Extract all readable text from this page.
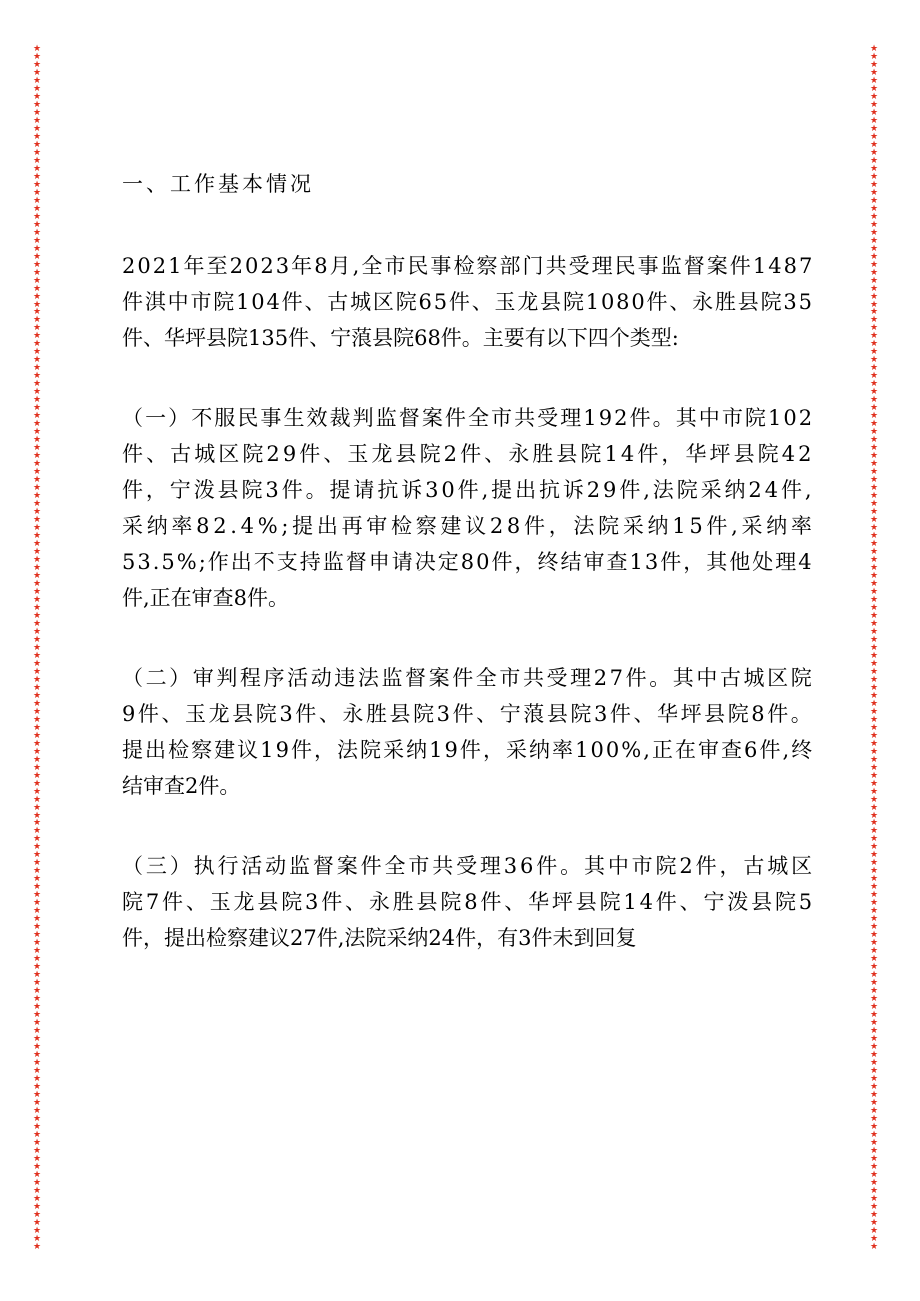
★
★
★
★
★
★
★
★
★
★
★
★
★
★
★
★
★
★
★
★
★
★
★
★
★
★
★
★
★
★
★
★
★
★
★
★
★
★
★
★
★
★
★
★
★
★
★
★
★
★
★
★
★
★
★
★
★
★
★
★
★
★
★
★
★
★
★
★
★
★
★
★
★
★
★
★
★
★
★
★
★
★
★
★
★
★
★
★
★
★
★
★
★
★
★
★
★
★
★
★
★
★
★
★
★
★
★
★
★
★
★
★
★
★
★
★
★
★
★
★
★
★
★
★
★
★
★
★
★
★
★
★
★
★
★
★
★
★
★
★
★
★
★
★
★
★
★
★
★
★
★
★
★
★
★
★
★
★
★
★
★
★
★
★
★
★
★
★
★
★
★
★
★
★
★
★
★
★
★
★
★
★
★
★
★
★
★
★
★
★
★
★
★
★
★
★
★
★
★
★
★
★
★
★
★
★
★
★
★
★
★
★
★
★
★
★
★
★
★
★
★
★
★
★
★
★
★
★
★
★
★
★
★
★
★
★
★
★
★
★
★
★
★
★
★
★
★
★
★
★
★
★
★
★
★
★
★
★
★
★
★
★
★
★
★
★
★
★
★
★
★
★
★
★
★
★
★
★
★
★
★
★
★
★
★
★
★
★
★
★
★
★
★
★
★
★
★
★
★
★
★
★
一、工作基本情况
2021年至2023年8月,全市民事检察部门共受理民事监督案件1487
件淇中市院104件、古城区院65件、玉龙县院1080件、永胜县院35
件、华坪县院135件、宁蒗县院68件。主要有以下四个类型:
（一）不服民事生效裁判监督案件全市共受理192件。其中市院102
件、古城区院29件、玉龙县院2件、永胜县院14件，华坪县院42
件，宁泼县院3件。提请抗诉30件,提出抗诉29件,法院采纳24件,
采纳率82.4%;提出再审检察建议28件，法院采纳15件,采纳率
53.5%;作出不支持监督申请决定80件，终结审查13件，其他处理4
件,正在审查8件。
（二）审判程序活动违法监督案件全市共受理27件。其中古城区院
9件、玉龙县院3件、永胜县院3件、宁蒗县院3件、华坪县院8件。
提出检察建议19件，法院采纳19件，采纳率100%,正在审查6件,终
结审查2件。
（三）执行活动监督案件全市共受理36件。其中市院2件，古城区
院7件、玉龙县院3件、永胜县院8件、华坪县院14件、宁泼县院5
件，提出检察建议27件,法院采纳24件，有3件未到回复
